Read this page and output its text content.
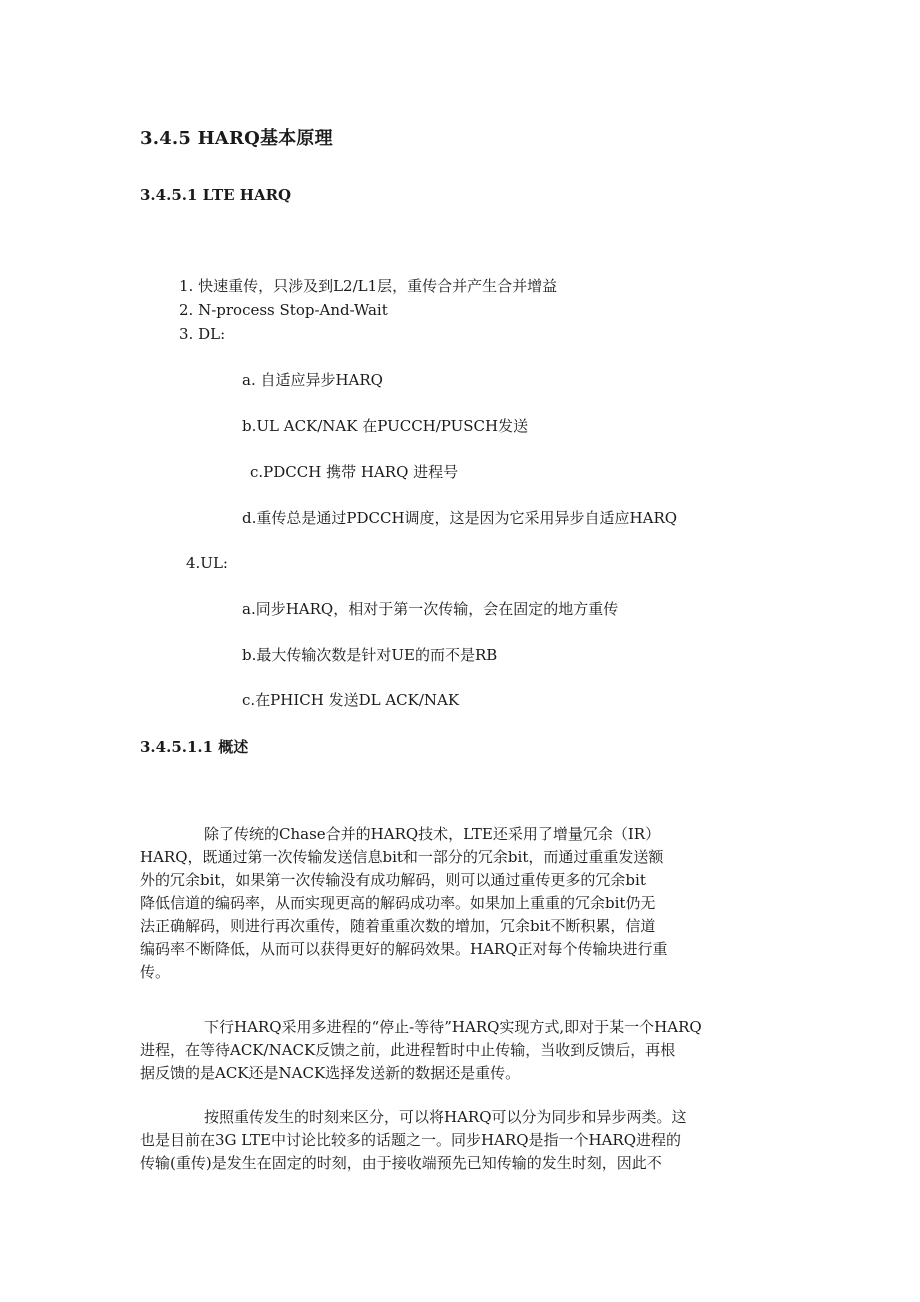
3.4.5 HARQ基本原理
3.4.5.1 LTE HARQ
1. 快速重传，只涉及到L2/L1层，重传合并产生合并增益
2. N-process Stop-And-Wait
3. DL:
a. 自适应异步HARQ
b.UL ACK/NAK 在PUCCH/PUSCH发送
c.PDCCH 携带 HARQ 进程号
d.重传总是通过PDCCH调度，这是因为它采用异步自适应HARQ
4.UL:
a.同步HARQ，相对于第一次传输，会在固定的地方重传
b.最大传输次数是针对UE的而不是RB
c.在PHICH 发送DL ACK/NAK
3.4.5.1.1 概述
除了传统的Chase合并的HARQ技术，LTE还采用了增量冗余（IR）
HARQ，既通过第一次传输发送信息bit和一部分的冗余bit，而通过重重发送额
外的冗余bit，如果第一次传输没有成功解码，则可以通过重传更多的冗余bit
降低信道的编码率，从而实现更高的解码成功率。如果加上重重的冗余bit仍无
法正确解码，则进行再次重传，随着重重次数的增加，冗余bit不断积累，信道
编码率不断降低，从而可以获得更好的解码效果。HARQ正对每个传输块进行重
传。
下行HARQ采用多进程的“停止-等待”HARQ实现方式,即对于某一个HARQ
进程，在等待ACK/NACK反馈之前，此进程暂时中止传输，当收到反馈后，再根
据反馈的是ACK还是NACK选择发送新的数据还是重传。
按照重传发生的时刻来区分，可以将HARQ可以分为同步和异步两类。这
也是目前在3G LTE中讨论比较多的话题之一。同步HARQ是指一个HARQ进程的
传输(重传)是发生在固定的时刻，由于接收端预先已知传输的发生时刻，因此不
